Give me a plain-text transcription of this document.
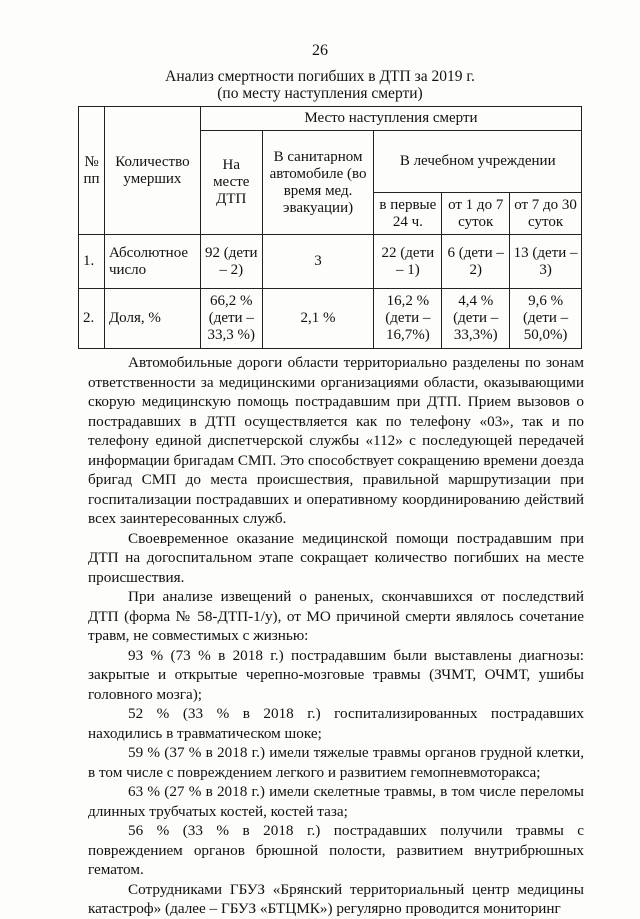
26
Анализ смертности погибших в ДТП за 2019 г.
(по месту наступления смерти)
№ пп	Количество умерших	Место наступления смерти				
		На месте ДТП	В санитарном автомобиле (во время мед. эвакуации)	В лечебном учреждении		
				в первые 24 ч.	от 1 до 7 суток	от 7 до 30 суток
1.	Абсолютное число	92 (дети – 2)	3	22 (дети – 1)	6 (дети – 2)	13 (дети – 3)
2.	Доля, %	66,2 % (дети – 33,3 %)	2,1 %	16,2 % (дети – 16,7%)	4,4 % (дети – 33,3%)	9,6 % (дети – 50,0%)

Автомобильные дороги области территориально разделены по зонам ответственности за медицинскими организациями области, оказывающими скорую медицинскую помощь пострадавшим при ДТП. Прием вызовов о пострадавших в ДТП осуществляется как по телефону «03», так и по телефону единой диспетчерской службы «112» с последующей передачей информации бригадам СМП. Это способствует сокращению времени доезда бригад СМП до места происшествия, правильной маршрутизации при госпитализации пострадавших и оперативному координированию действий всех заинтересованных служб.

Своевременное оказание медицинской помощи пострадавшим при ДТП на догоспитальном этапе сокращает количество погибших на месте происшествия.

При анализе извещений о раненых, скончавшихся от последствий ДТП (форма № 58-ДТП-1/у), от МО причиной смерти являлось сочетание травм, не совместимых с жизнью:

93 % (73 % в 2018 г.) пострадавшим были выставлены диагнозы: закрытые и открытые черепно-мозговые травмы (ЗЧМТ, ОЧМТ, ушибы головного мозга);

52 % (33 % в 2018 г.) госпитализированных пострадавших находились в травматическом шоке;

59 % (37 % в 2018 г.) имели тяжелые травмы органов грудной клетки, в том числе с повреждением легкого и развитием гемопневмоторакса;

63 % (27 % в 2018 г.) имели скелетные травмы, в том числе переломы длинных трубчатых костей, костей таза;

56 % (33 % в 2018 г.) пострадавших получили травмы с повреждением органов брюшной полости, развитием внутрибрюшных гематом.

Сотрудниками ГБУЗ «Брянский территориальный центр медицины катастроф» (далее – ГБУЗ «БТЦМК») регулярно проводится мониторинг
